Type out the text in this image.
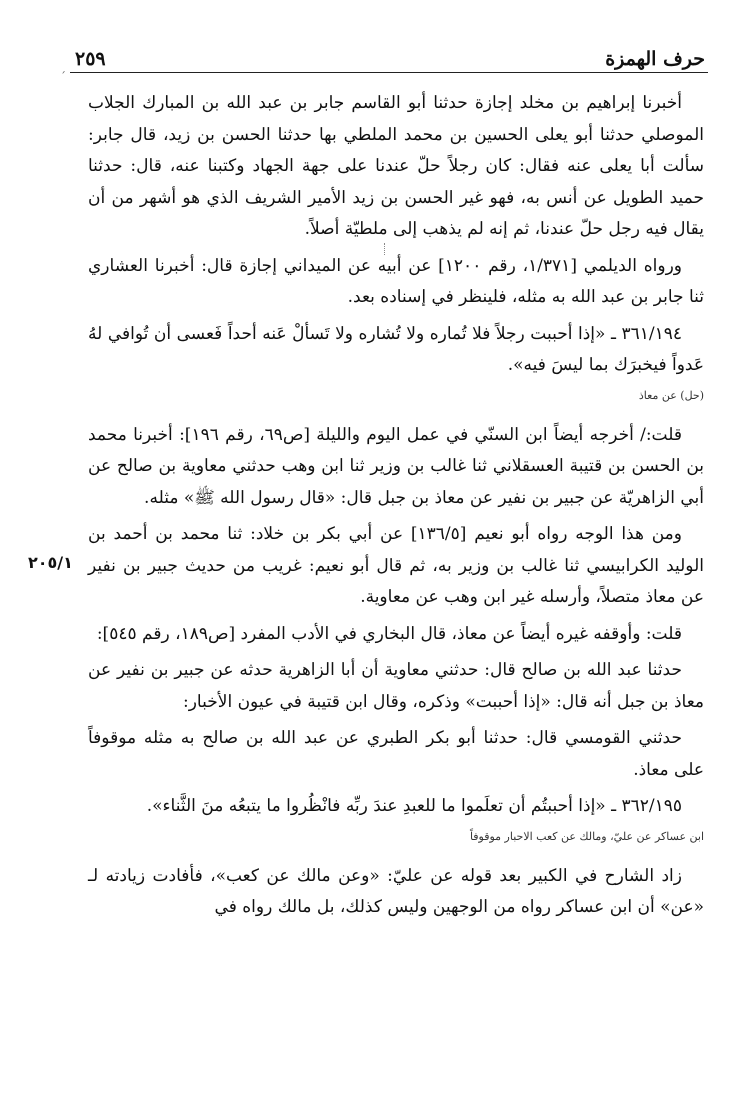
حرف الهمزة
٢٥٩
´
٢٠٥/١

أخبرنا إبراهيم بن مخلد إجازة حدثنا أبو القاسم جابر بن عبد الله بن المبارك الجلاب الموصلي حدثنا أبو يعلى الحسين بن محمد الملطي بها حدثنا الحسن بن زيد، قال جابر: سألت أبا يعلى عنه فقال: كان رجلاً حلّ عندنا على جهة الجهاد وكتبنا عنه، قال: حدثنا حميد الطويل عن أنس به، فهو غير الحسن بن زيد الأمير الشريف الذي هو أشهر من أن يقال فيه رجل حلّ عندنا، ثم إنه لم يذهب إلى ملطيّة أصلاً.

ورواه الديلمي [١/٣٧١، رقم ١٢٠٠] عن أبيه عن الميداني إجازة قال: أخبرنا العشاري ثنا جابر بن عبد الله به مثله، فلينظر في إسناده بعد.

٣٦١/١٩٤ ـ «إذا أحببت رجلاً فلا تُماره ولا تُشاره ولا تَسألْ عَنه أحداً فَعسى أن تُوافي لهُ عَدواً فيخبرَك بما ليسَ فيه».

(حل) عن معاذ

قلت:/ أخرجه أيضاً ابن السنّي في عمل اليوم والليلة [ص٦٩، رقم ١٩٦]: أخبرنا محمد بن الحسن بن قتيبة العسقلاني ثنا غالب بن وزير ثنا ابن وهب حدثني معاوية بن صالح عن أبي الزاهريّة عن جبير بن نفير عن معاذ بن جبل قال: «قال رسول الله ﷺ» مثله.

ومن هذا الوجه رواه أبو نعيم [١٣٦/٥] عن أبي بكر بن خلاد: ثنا محمد بن أحمد بن الوليد الكرابيسي ثنا غالب بن وزير به، ثم قال أبو نعيم: غريب من حديث جبير بن نفير عن معاذ متصلاً، وأرسله غير ابن وهب عن معاوية.

قلت: وأوقفه غيره أيضاً عن معاذ، قال البخاري في الأدب المفرد [ص١٨٩، رقم ٥٤٥]:

حدثنا عبد الله بن صالح قال: حدثني معاوية أن أبا الزاهرية حدثه عن جبير بن نفير عن معاذ بن جبل أنه قال: «إذا أحببت» وذكره، وقال ابن قتيبة في عيون الأخبار:

حدثني القومسي قال: حدثنا أبو بكر الطبري عن عبد الله بن صالح به مثله موقوفاً على معاذ.

٣٦٢/١٩٥ ـ «إذا أحببتُم أن تعلَموا ما للعبدِ عندَ ربِّه فانْظُروا ما يتبعُه منَ الثَّناء».

ابن عساكر عن عليّ، ومالك عن كعب الاحبار موقوفاً

زاد الشارح في الكبير بعد قوله عن عليّ: «وعن مالك عن كعب»، فأفادت زيادته لـ «عن» أن ابن عساكر رواه من الوجهين وليس كذلك، بل مالك رواه في
